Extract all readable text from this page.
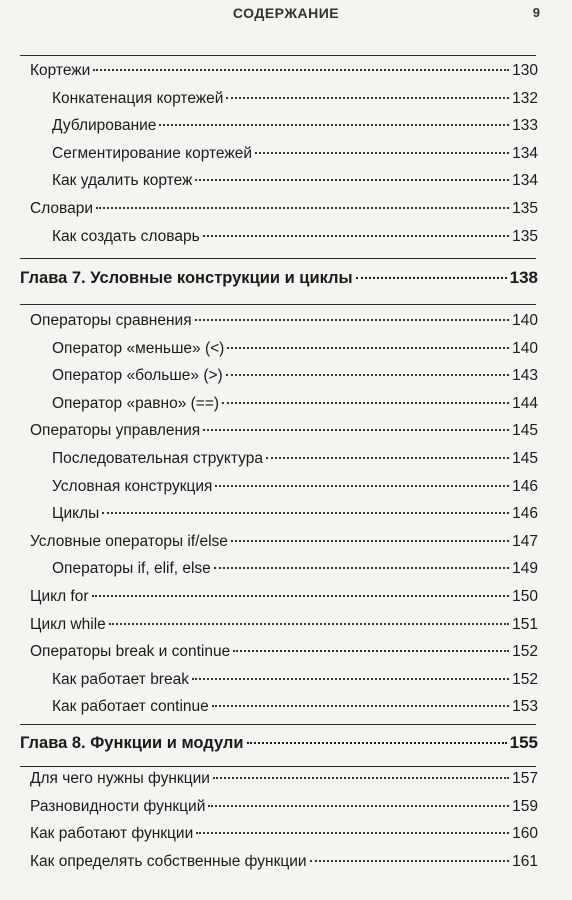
СОДЕРЖАНИЕ	9
Кортежи	130
Конкатенация кортежей	132
Дублирование	133
Сегментирование кортежей	134
Как удалить кортеж	134
Словари	135
Как создать словарь	135
Глава 7. Условные конструкции и циклы	138
Операторы сравнения	140
Оператор «меньше» (<)	140
Оператор «больше» (>)	143
Оператор «равно» (==)	144
Операторы управления	145
Последовательная структура	145
Условная конструкция	146
Циклы	146
Условные операторы if/else	147
Операторы if, elif, else	149
Цикл for	150
Цикл while	151
Операторы break и continue	152
Как работает break	152
Как работает continue	153
Глава 8. Функции и модули	155
Для чего нужны функции	157
Разновидности функций	159
Как работают функции	160
Как определять собственные функции	161
